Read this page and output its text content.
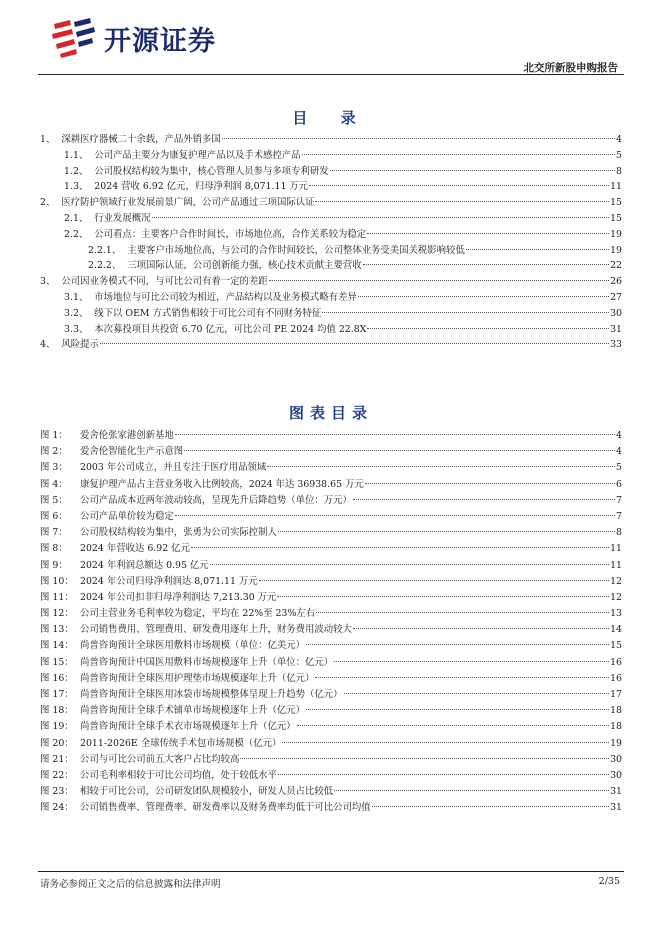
开源证券
北交所新股申购报告
目 录
1、 深耕医疗器械二十余载，产品外销多国	4
1.1、 公司产品主要分为康复护理产品以及手术感控产品	5
1.2、 公司股权结构较为集中，核心管理人员参与多项专利研发	8
1.3、 2024 营收 6.92 亿元，归母净利润 8,071.11 万元	11
2、 医疗防护领域行业发展前景广阔，公司产品通过三项国际认证	15
2.1、 行业发展概况	15
2.2、 公司看点：主要客户合作时间长，市场地位高，合作关系较为稳定	19
2.2.1、 主要客户市场地位高，与公司的合作时间较长，公司整体业务受美国关税影响较低	19
2.2.2、 三项国际认证，公司创新能力强，核心技术贡献主要营收	22
3、 公司因业务模式不同，与可比公司有着一定的差距	26
3.1、 市场地位与可比公司较为相近，产品结构以及业务模式略有差异	27
3.2、 线下以 OEM 方式销售相较于可比公司有不同财务特征	30
3.3、 本次募投项目共投资 6.70 亿元，可比公司 PE 2024 均值 22.8X	31
4、 风险提示	33
图表目录
图 1：	爱舍伦张家港创新基地	4
图 2：	爱舍伦智能化生产示意图	4
图 3：	2003 年公司成立，并且专注于医疗用品领域	5
图 4：	康复护理产品占主营业务收入比例较高，2024 年达 36938.65 万元	6
图 5：	公司产品成本近两年波动较高，呈现先升后降趋势（单位：万元）	7
图 6：	公司产品单价较为稳定	7
图 7：	公司股权结构较为集中，张勇为公司实际控制人	8
图 8：	2024 年营收达 6.92 亿元	11
图 9：	2024 年利润总额达 0.95 亿元	11
图 10： 2024 年公司归母净利润达 8,071.11 万元	12
图 11： 2024 年公司扣非归母净利润达 7,213.30 万元	12
图 12： 公司主营业务毛利率较为稳定，平均在 22%至 23%左右	13
图 13： 公司销售费用、管理费用、研发费用逐年上升，财务费用波动较大	14
图 14： 尚普咨询预计全球医用敷料市场规模（单位：亿美元）	15
图 15： 尚普咨询预计中国医用敷料市场规模逐年上升（单位：亿元）	16
图 16： 尚普咨询预计全球医用护理垫市场规模逐年上升（亿元）	16
图 17： 尚普咨询预计全球医用冰袋市场规模整体呈现上升趋势（亿元）	17
图 18： 尚普咨询预计全球手术铺单市场规模逐年上升（亿元）	18
图 19： 尚普咨询预计全球手术衣市场规模逐年上升（亿元）	18
图 20： 2011-2026E 全球传统手术包市场规模（亿元）	19
图 21： 公司与可比公司前五大客户占比均较高	30
图 22： 公司毛利率相较于可比公司均值，处于较低水平	30
图 23： 相较于可比公司，公司研发团队规模较小，研发人员占比较低	31
图 24： 公司销售费率、管理费率、研发费率以及财务费率均低于可比公司均值	31
请务必参阅正文之后的信息披露和法律声明	2/35
